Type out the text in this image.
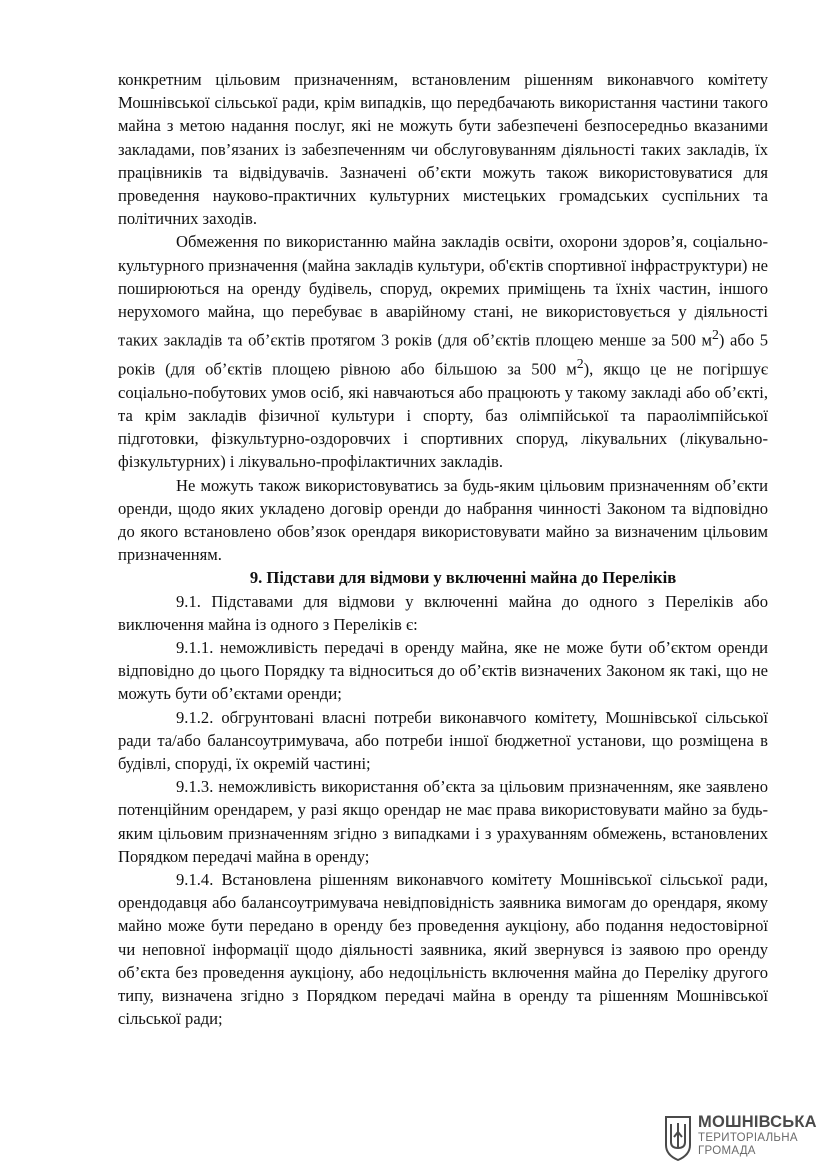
конкретним цільовим призначенням, встановленим рішенням виконавчого комітету Мошнівської сільської ради, крім випадків, що передбачають використання частини такого майна з метою надання послуг, які не можуть бути забезпечені безпосередньо вказаними закладами, пов’язаних із забезпеченням чи обслуговуванням діяльності таких закладів, їх працівників та відвідувачів. Зазначені об’єкти можуть також використовуватися для проведення науково-практичних культурних мистецьких громадських суспільних та політичних заходів.

Обмеження по використанню майна закладів освіти, охорони здоров’я, соціально-культурного призначення (майна закладів культури, об'єктів спортивної інфраструктури) не поширюються на оренду будівель, споруд, окремих приміщень та їхніх частин, іншого нерухомого майна, що перебуває в аварійному стані, не використовується у діяльності таких закладів та об’єктів протягом 3 років (для об’єктів площею менше за 500 $м^2$) або 5 років (для об’єктів площею рівною або більшою за 500 $м^2$), якщо це не погіршує соціально-побутових умов осіб, які навчаються або працюють у такому закладі або об’єкті, та крім закладів фізичної культури і спорту, баз олімпійської та параолімпійської підготовки, фізкультурно-оздоровчих і спортивних споруд, лікувальних (лікувально-фізкультурних) і лікувально-профілактичних закладів.

Не можуть також використовуватись за будь-яким цільовим призначенням об’єкти оренди, щодо яких укладено договір оренди до набрання чинності Законом та відповідно до якого встановлено обов’язок орендаря використовувати майно за визначеним цільовим призначенням.

9. Підстави для відмови у включенні майна до Переліків

9.1. Підставами для відмови у включенні майна до одного з Переліків або виключення майна із одного з Переліків є:

9.1.1. неможливість передачі в оренду майна, яке не може бути об’єктом оренди відповідно до цього Порядку та відноситься до об’єктів визначених Законом як такі, що не можуть бути об’єктами оренди;

9.1.2. обгрунтовані власні потреби виконавчого комітету, Мошнівської сільської ради та/або балансоутримувача, або потреби іншої бюджетної установи, що розміщена в будівлі, споруді, їх окремій частині;

9.1.3. неможливість використання об’єкта за цільовим призначенням, яке заявлено потенційним орендарем, у разі якщо орендар не має права використовувати майно за будь-яким цільовим призначенням згідно з випадками і з урахуванням обмежень, встановлених Порядком передачі майна в оренду;

9.1.4. Встановлена рішенням виконавчого комітету Мошнівської сільської ради, орендодавця або балансоутримувача невідповідність заявника вимогам до орендаря, якому майно може бути передано в оренду без проведення аукціону, або подання недостовірної чи неповної інформації щодо діяльності заявника, який звернувся із заявою про оренду об’єкта без проведення аукціону, або недоцільність включення майна до Переліку другого типу, визначена згідно з Порядком передачі майна в оренду та рішенням Мошнівської сільської ради;

МОШНІВСЬКА
ТЕРИТОРІАЛЬНА
ГРОМАДА
